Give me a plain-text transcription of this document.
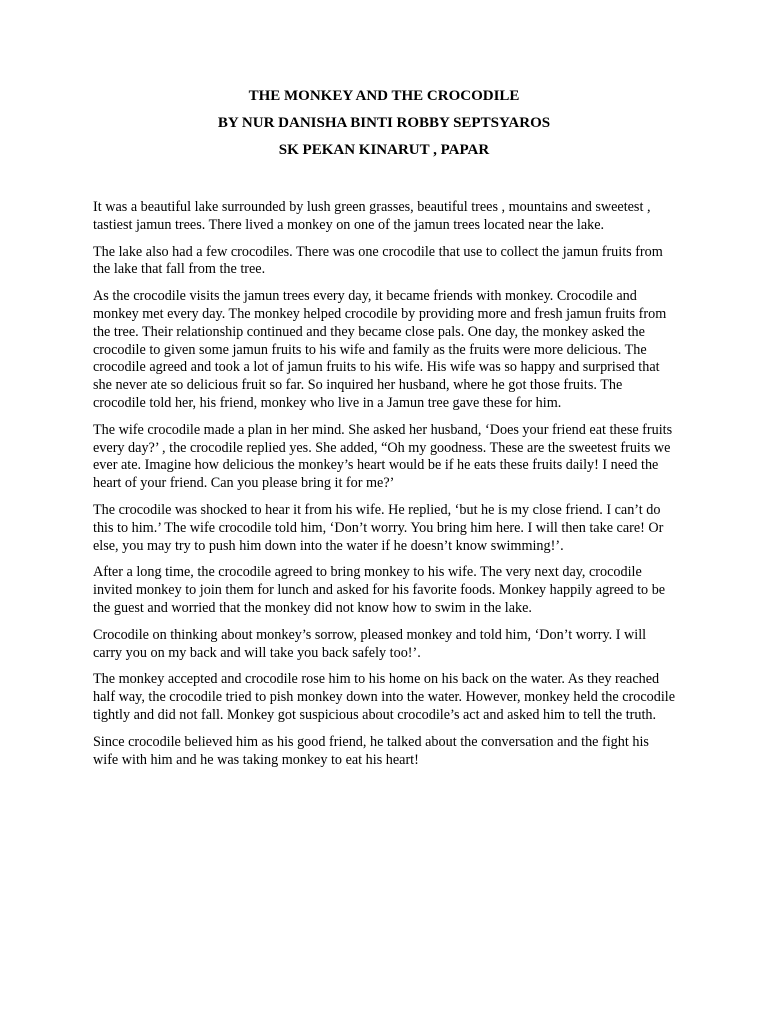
THE MONKEY AND THE CROCODILE
BY NUR DANISHA BINTI ROBBY SEPTSYAROS
SK PEKAN KINARUT , PAPAR

It was a beautiful lake surrounded by lush green grasses, beautiful trees , mountains and sweetest , tastiest jamun trees. There lived a monkey on one of the jamun trees located near the lake.

The lake also had a few crocodiles. There was one crocodile that use to collect the jamun fruits from the lake that fall from the tree.

As the crocodile visits the jamun trees every day, it became friends with monkey. Crocodile and monkey met every day. The monkey helped crocodile by providing more and fresh jamun fruits from the tree. Their relationship continued and they became close pals. One day, the monkey asked the crocodile to given some jamun fruits to his wife and family as the fruits were more delicious. The crocodile agreed and took a lot of jamun fruits to his wife. His wife was so happy and surprised that she never ate so delicious fruit so far. So inquired her husband, where he got those fruits. The crocodile told her, his friend, monkey who live in a Jamun tree gave these for him.

The wife crocodile made a plan in her mind. She asked her husband, ‘Does your friend eat these fruits every day?’ , the crocodile replied yes. She added, “Oh my goodness. These are the sweetest fruits we ever ate. Imagine how delicious the monkey’s heart would be if he eats these fruits daily! I need the heart of your friend. Can you please bring it for me?’

The crocodile was shocked to hear it from his wife. He replied, ‘but he is my close friend. I can’t do this to him.’ The wife crocodile told him, ‘Don’t worry. You bring him here. I will then take care! Or else, you may try to push him down into the water if he doesn’t know swimming!’.

After a long time, the crocodile agreed to bring monkey to his wife. The very next day, crocodile invited monkey to join them for lunch and asked for his favorite foods. Monkey happily agreed to be the guest and worried that the monkey did not know how to swim in the lake.

Crocodile on thinking about monkey’s sorrow, pleased monkey and told him, ‘Don’t worry. I will carry you on my back and will take you back safely too!’.

The monkey accepted and crocodile rose him to his home on his back on the water. As they reached half way, the crocodile tried to pish monkey down into the water. However, monkey held the crocodile tightly and did not fall. Monkey got suspicious about crocodile’s act and asked him to tell the truth.

Since crocodile believed him as his good friend, he talked about the conversation and the fight his wife with him and he was taking monkey to eat his heart!
